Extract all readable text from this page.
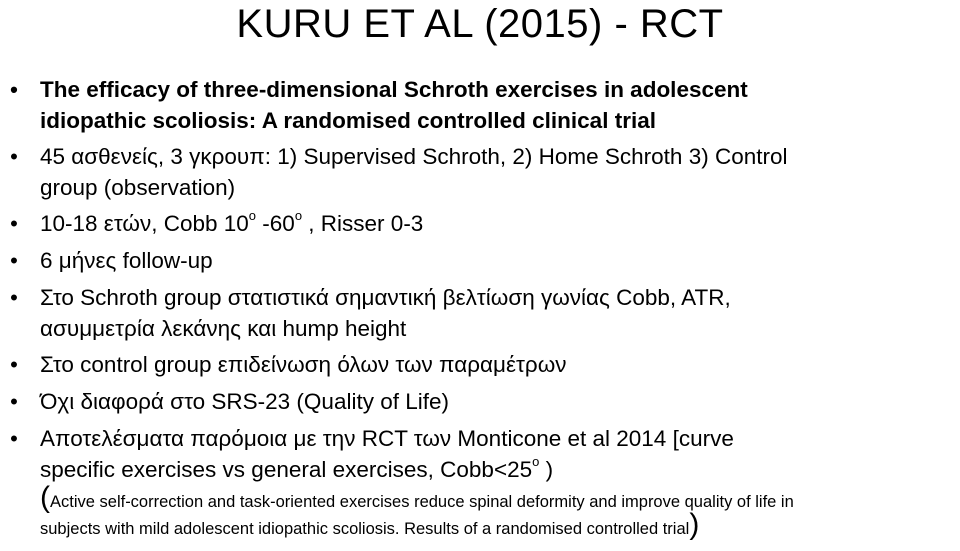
KURU ET AL (2015) - RCT
• The efficacy of three-dimensional Schroth exercises in adolescent
idiopathic scoliosis: A randomised controlled clinical trial
• 45 ασθενείς, 3 γκρουπ: 1) Supervised Schroth, 2) Home Schroth 3) Control
group (observation)
• 10-18 ετών, Cobb $10^o$ $-60^o$ , Risser 0-3
• 6 μήνες follow-up
• Στο Schroth group στατιστικά σημαντική βελτίωση γωνίας Cobb, ATR,
ασυμμετρία λεκάνης και hump height
• Στο control group επιδείνωση όλων των παραμέτρων
• Όχι διαφορά στο SRS-23 (Quality of Life)
• Αποτελέσματα παρόμοια με την RCT των Monticone et al 2014 [curve
specific exercises vs general exercises, $Cobb<25^o$ )
(Active self-correction and task-oriented exercises reduce spinal deformity and improve quality of life in
subjects with mild adolescent idiopathic scoliosis. Results of a randomised controlled trial)
